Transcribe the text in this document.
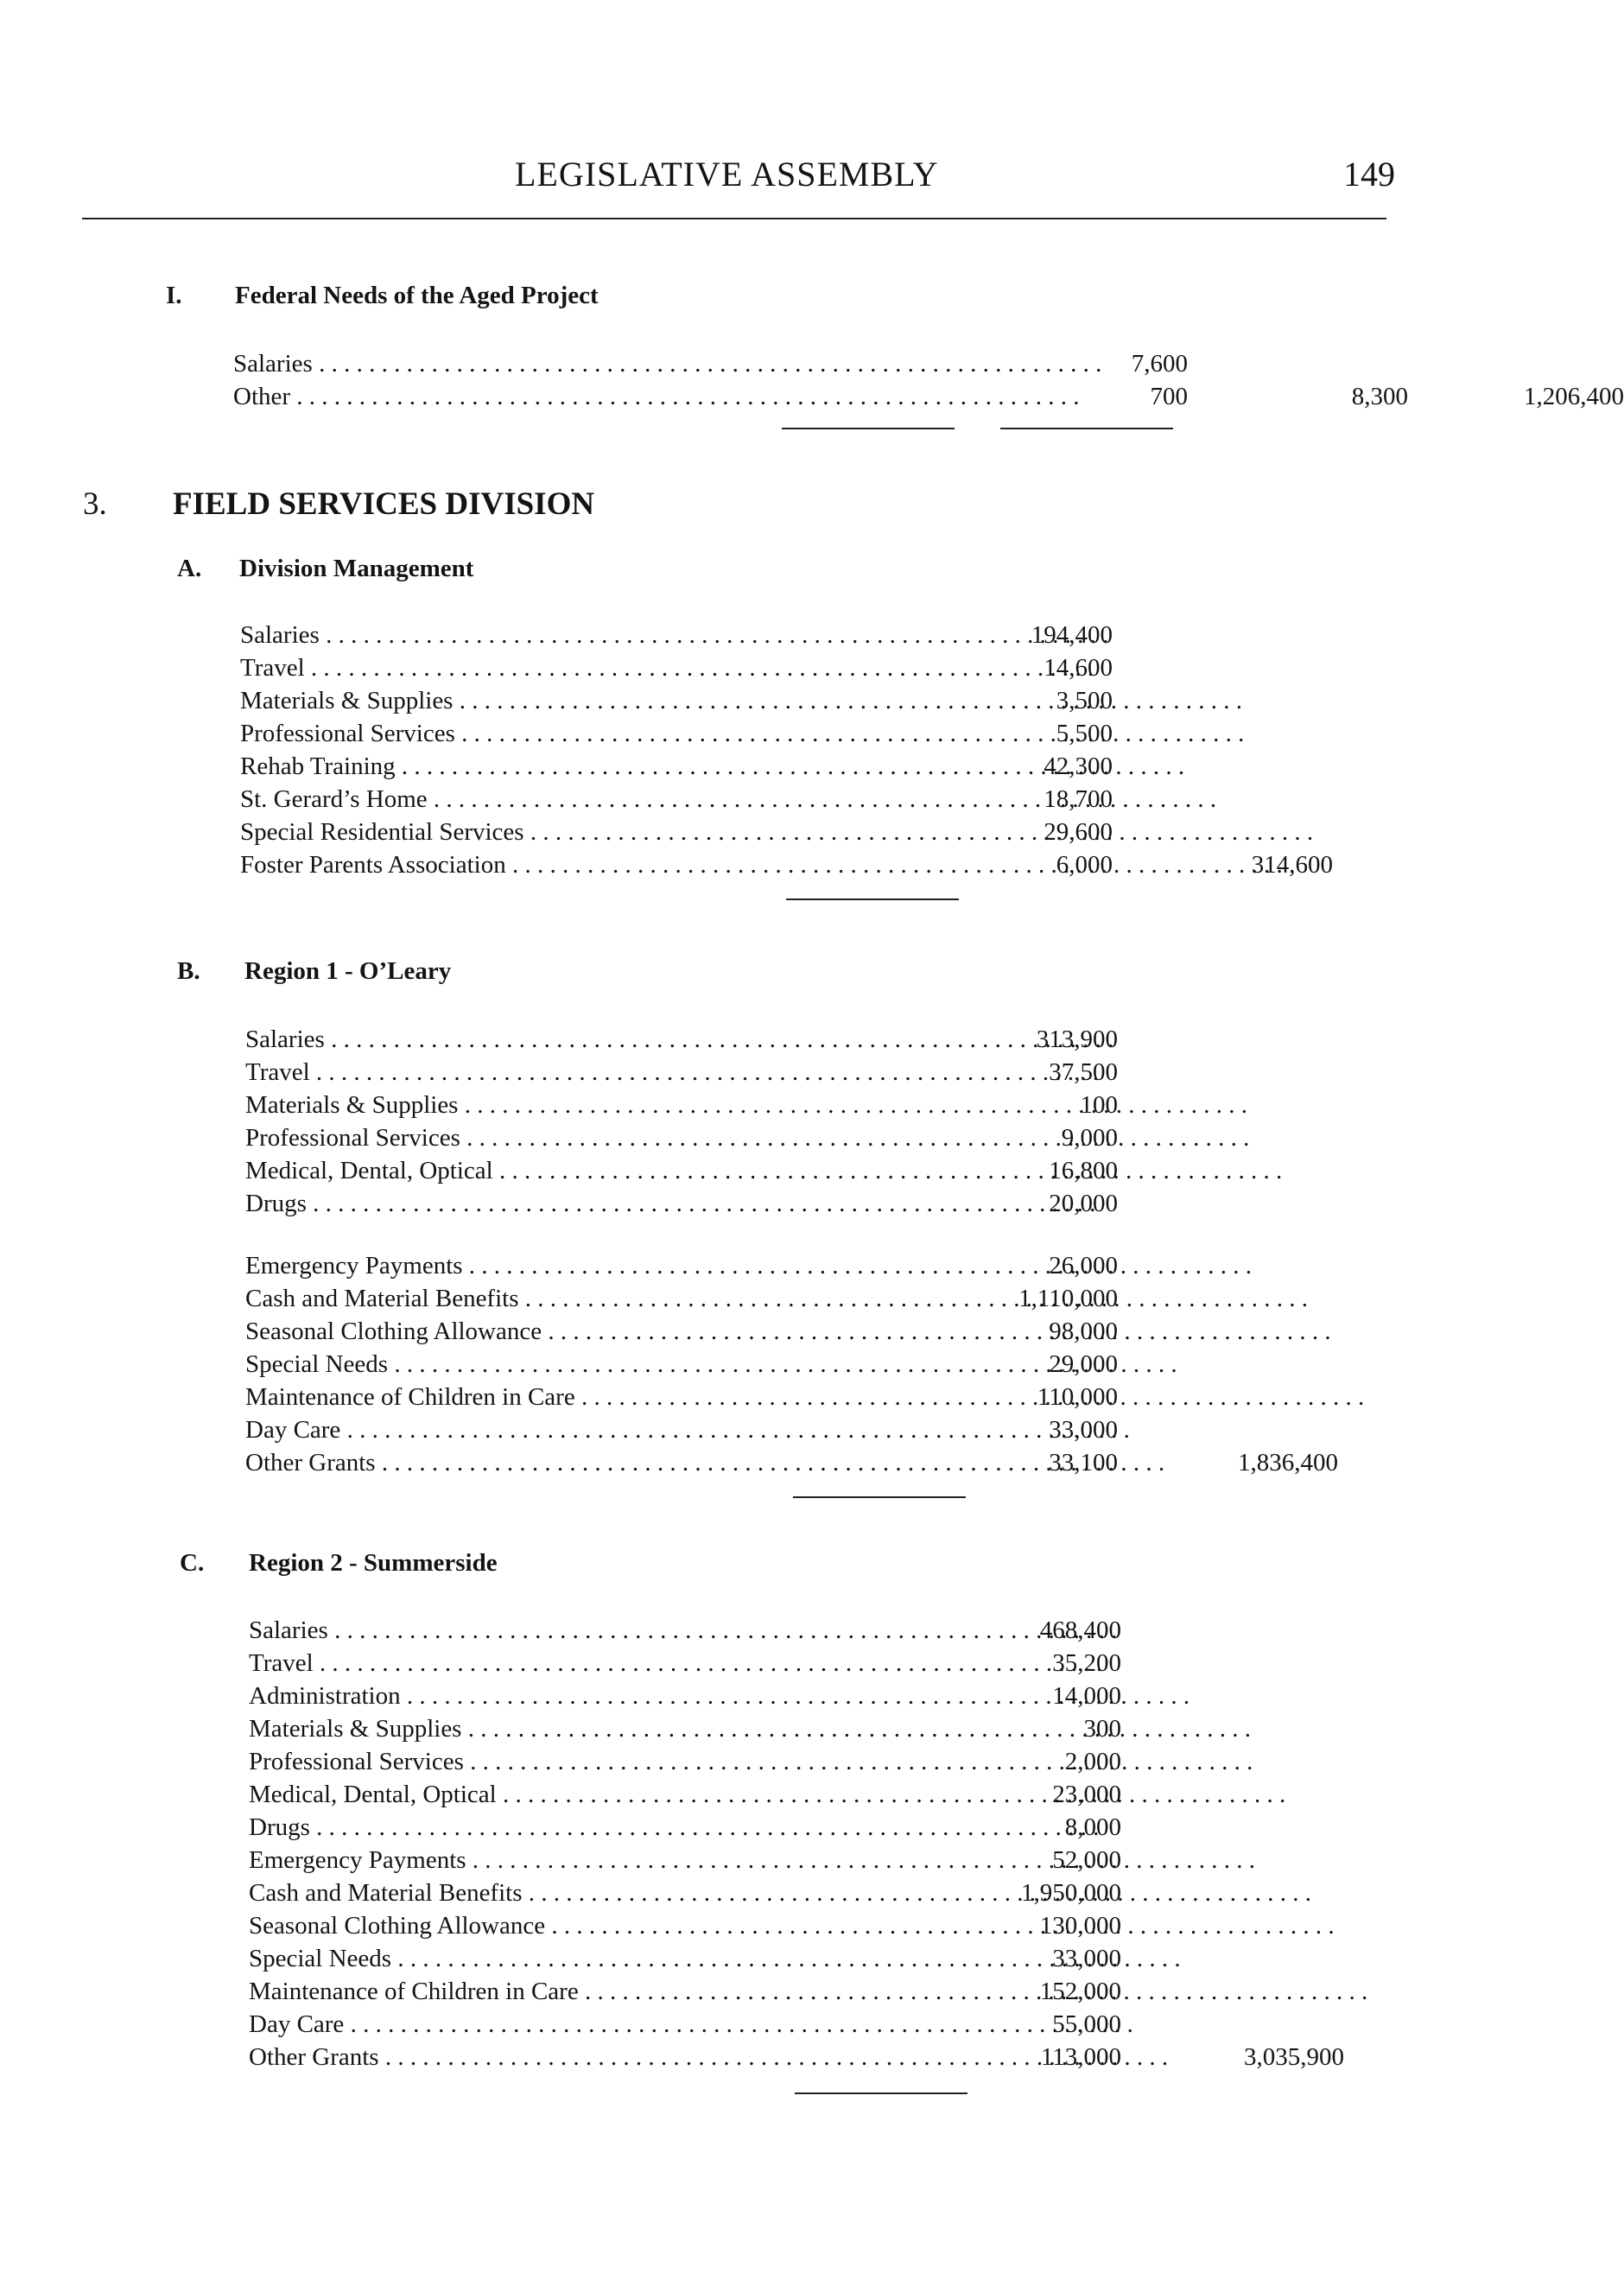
LEGISLATIVE ASSEMBLY	149
I. Federal Needs of the Aged Project
Salaries . . .	7,600
Other . . .	700	8,300	1,206,400
3. FIELD SERVICES DIVISION
A. Division Management
Salaries . . .	194,400
Travel . . .	14,600
Materials & Supplies . . .	3,500
Professional Services . . .	5,500
Rehab Training . . .	42,300
St. Gerard’s Home . . .	18,700
Special Residential Services . . .	29,600
Foster Parents Association . . .	6,000	314,600
B. Region 1 - O’Leary
Salaries . . .	313,900
Travel . . .	37,500
Materials & Supplies . . .	100
Professional Services . . .	9,000
Medical, Dental, Optical . . .	16,800
Drugs . . .	20,000
Emergency Payments . . .	26,000
Cash and Material Benefits . . .	1,110,000
Seasonal Clothing Allowance . . .	98,000
Special Needs . . .	29,000
Maintenance of Children in Care . . .	110,000
Day Care . . .	33,000
Other Grants . . .	33,100	1,836,400
C. Region 2 - Summerside
Salaries . . .	468,400
Travel . . .	35,200
Administration . . .	14,000
Materials & Supplies . . .	300
Professional Services . . .	2,000
Medical, Dental, Optical . . .	23,000
Drugs . . .	8,000
Emergency Payments . . .	52,000
Cash and Material Benefits . . .	1,950,000
Seasonal Clothing Allowance . . .	130,000
Special Needs . . .	33,000
Maintenance of Children in Care . . .	152,000
Day Care . . .	55,000
Other Grants . . .	113,000	3,035,900
